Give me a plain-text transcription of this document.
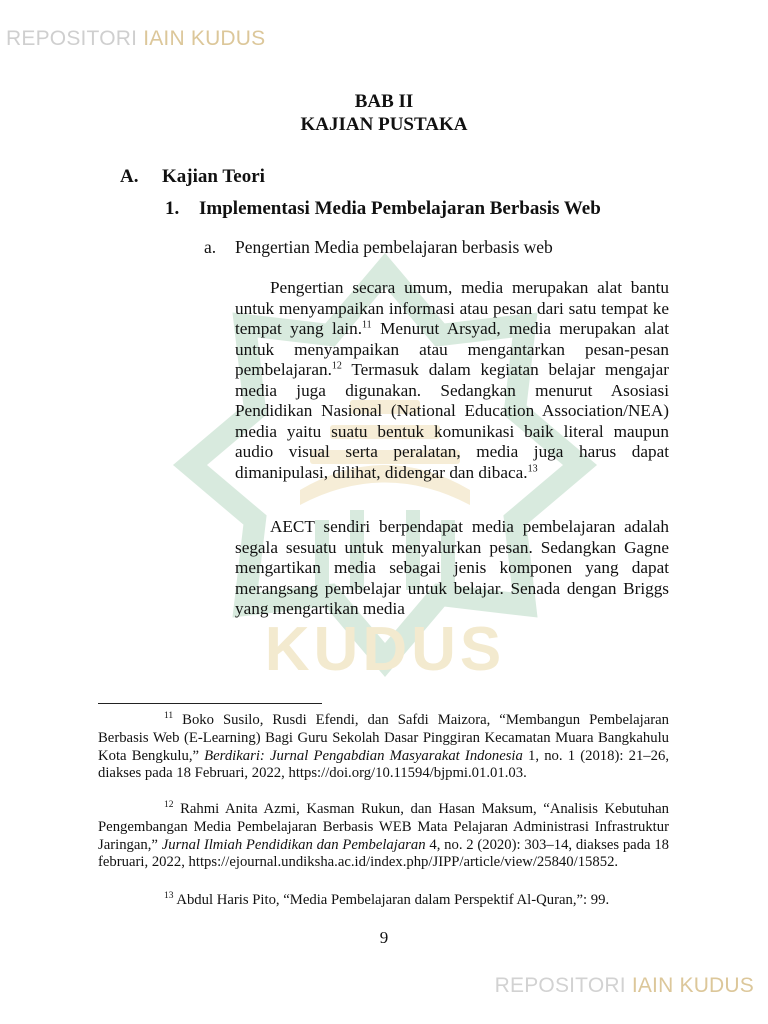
REPOSITORI IAIN KUDUS
KUDUS
BAB II
KAJIAN PUSTAKA
A. Kajian Teori
1. Implementasi Media Pembelajaran Berbasis Web
a. Pengertian Media pembelajaran berbasis web

Pengertian secara umum, media merupakan alat bantu untuk menyampaikan informasi atau pesan dari satu tempat ke tempat yang lain.$^{11}$ Menurut Arsyad, media merupakan alat untuk menyampaikan atau mengantarkan pesan-pesan pembelajaran.$^{12}$ Termasuk dalam kegiatan belajar mengajar media juga digunakan. Sedangkan menurut Asosiasi Pendidikan Nasional (National Education Association/NEA) media yaitu suatu bentuk komunikasi baik literal maupun audio visual serta peralatan, media juga harus dapat dimanipulasi, dilihat, didengar dan dibaca.$^{13}$

AECT sendiri berpendapat media pembelajaran adalah segala sesuatu untuk menyalurkan pesan. Sedangkan Gagne mengartikan media sebagai jenis komponen yang dapat merangsang pembelajar untuk belajar. Senada dengan Briggs yang mengartikan media

$^{11}$ Boko Susilo, Rusdi Efendi, dan Safdi Maizora, “Membangun Pembelajaran Berbasis Web (E-Learning) Bagi Guru Sekolah Dasar Pinggiran Kecamatan Muara Bangkahulu Kota Bengkulu,” Berdikari: Jurnal Pengabdian Masyarakat Indonesia 1, no. 1 (2018): 21–26, diakses pada 18 Februari, 2022, https://doi.org/10.11594/bjpmi.01.01.03.

$^{12}$ Rahmi Anita Azmi, Kasman Rukun, dan Hasan Maksum, “Analisis Kebutuhan Pengembangan Media Pembelajaran Berbasis WEB Mata Pelajaran Administrasi Infrastruktur Jaringan,” Jurnal Ilmiah Pendidikan dan Pembelajaran 4, no. 2 (2020): 303–14, diakses pada 18 februari, 2022, https://ejournal.undiksha.ac.id/index.php/JIPP/article/view/25840/15852.

$^{13}$ Abdul Haris Pito, “Media Pembelajaran dalam Perspektif Al-Quran,”: 99.

9
REPOSITORI IAIN KUDUS
